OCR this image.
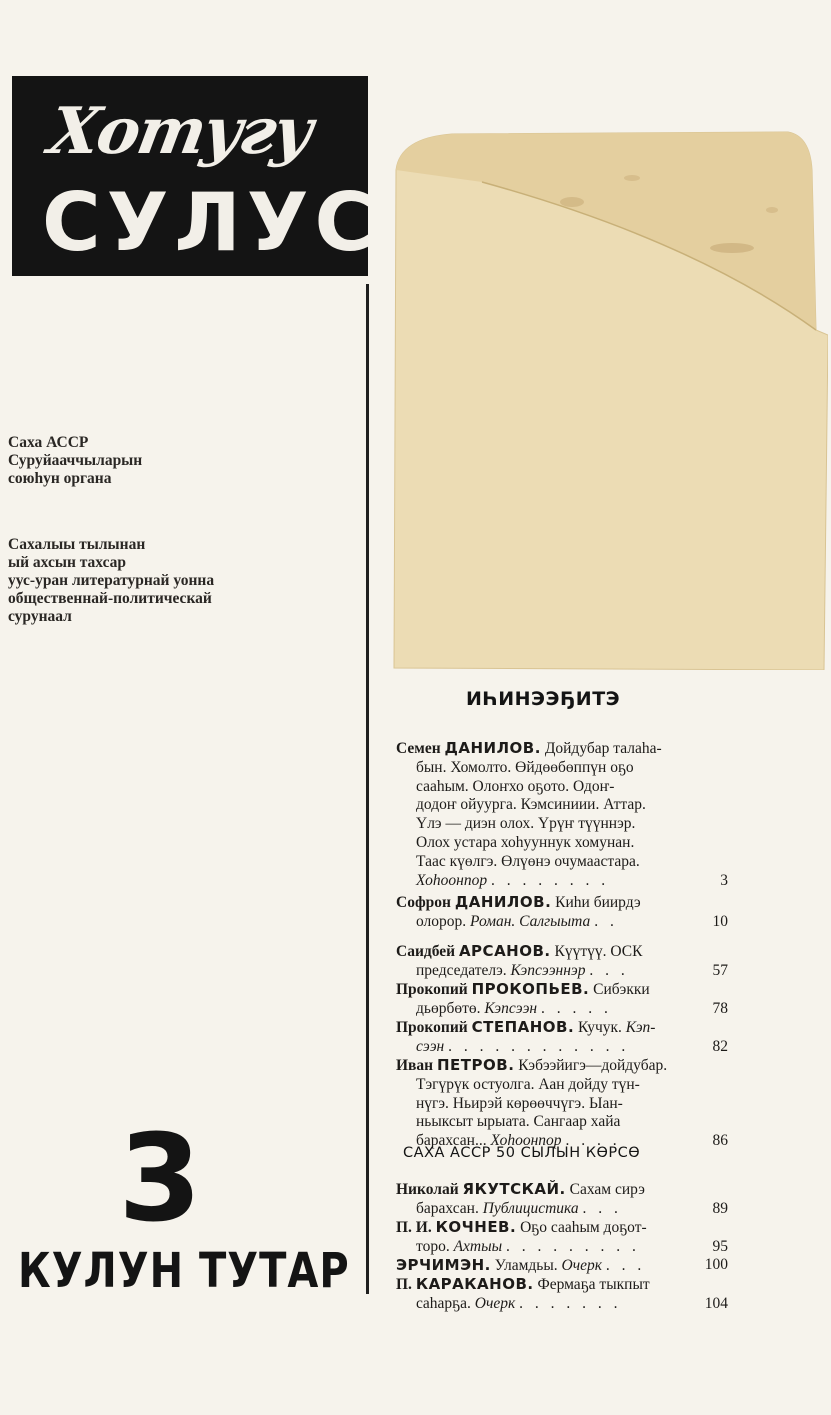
Хотугу
СУЛУС
Саха АССР
Суруйааччыларын
союһун органа
Сахалыы тылынан
ый ахсын тахсар
уус-уран литературнай уонна
общественнай-политическай
сурунаал
3
КУЛУН ТУТАР
ИҺИНЭЭҔИТЭ
Семен ДАНИЛОВ. Дойдубар талаһа-
бын. Хомолто. Өйдөөбөппүн оҕо
сааһым. Олоҥхо оҕото. Одоҥ-
додоҥ ойуурга. Кэмсиниии. Аттар.
Үлэ — диэн олох. Үрүҥ түүннэр.
Олох устара хоһууннук хомунан.
Таас күөлгэ. Өлүөнэ очумаастара.
Хоһоонnор . . . . . . . .	3
Софрон ДАНИЛОВ. Киһи биирдэ
олорор. Роман. Салгыыта . .	10
Саидбей АРСАНОВ. Күүтүү. ОСК
председателэ. Кэпсээннэр . . .	57
Прокопий ПРОКОПЬЕВ. Сибэкки
дьөрбөтө. Кэпсээн . . . . .	78
Прокопий СТЕПАНОВ. Кучук. Кэп-
сээн . . . . . . . . . . . .	82
Иван ПЕТРОВ. Кэбээйигэ—дойдубар.
Тэгүрүк остуолга. Аан дойду түн-
нүгэ. Ньирэй көрөөччүгэ. Ыан-
ньыксыт ырыата. Сангаар хайа
барахсан... Хоһоонnор . . . .	86
САХА АССР 50 СЫЛЫН КӨРСӨ
Николай ЯКУТСКАЙ. Сахам сирэ
барахсан. Публицистика . . .	89
П. И. КОЧНЕВ. Оҕо сааһым доҕот-
торо. Ахтыы . . . . . . . . .	95
ЭРЧИМЭН. Уламдьы. Очерк . . .	100
П. КАРАКАНОВ. Фермаҕа тыкпыт
сaһарҕа. Очерк . . . . . . .	104
